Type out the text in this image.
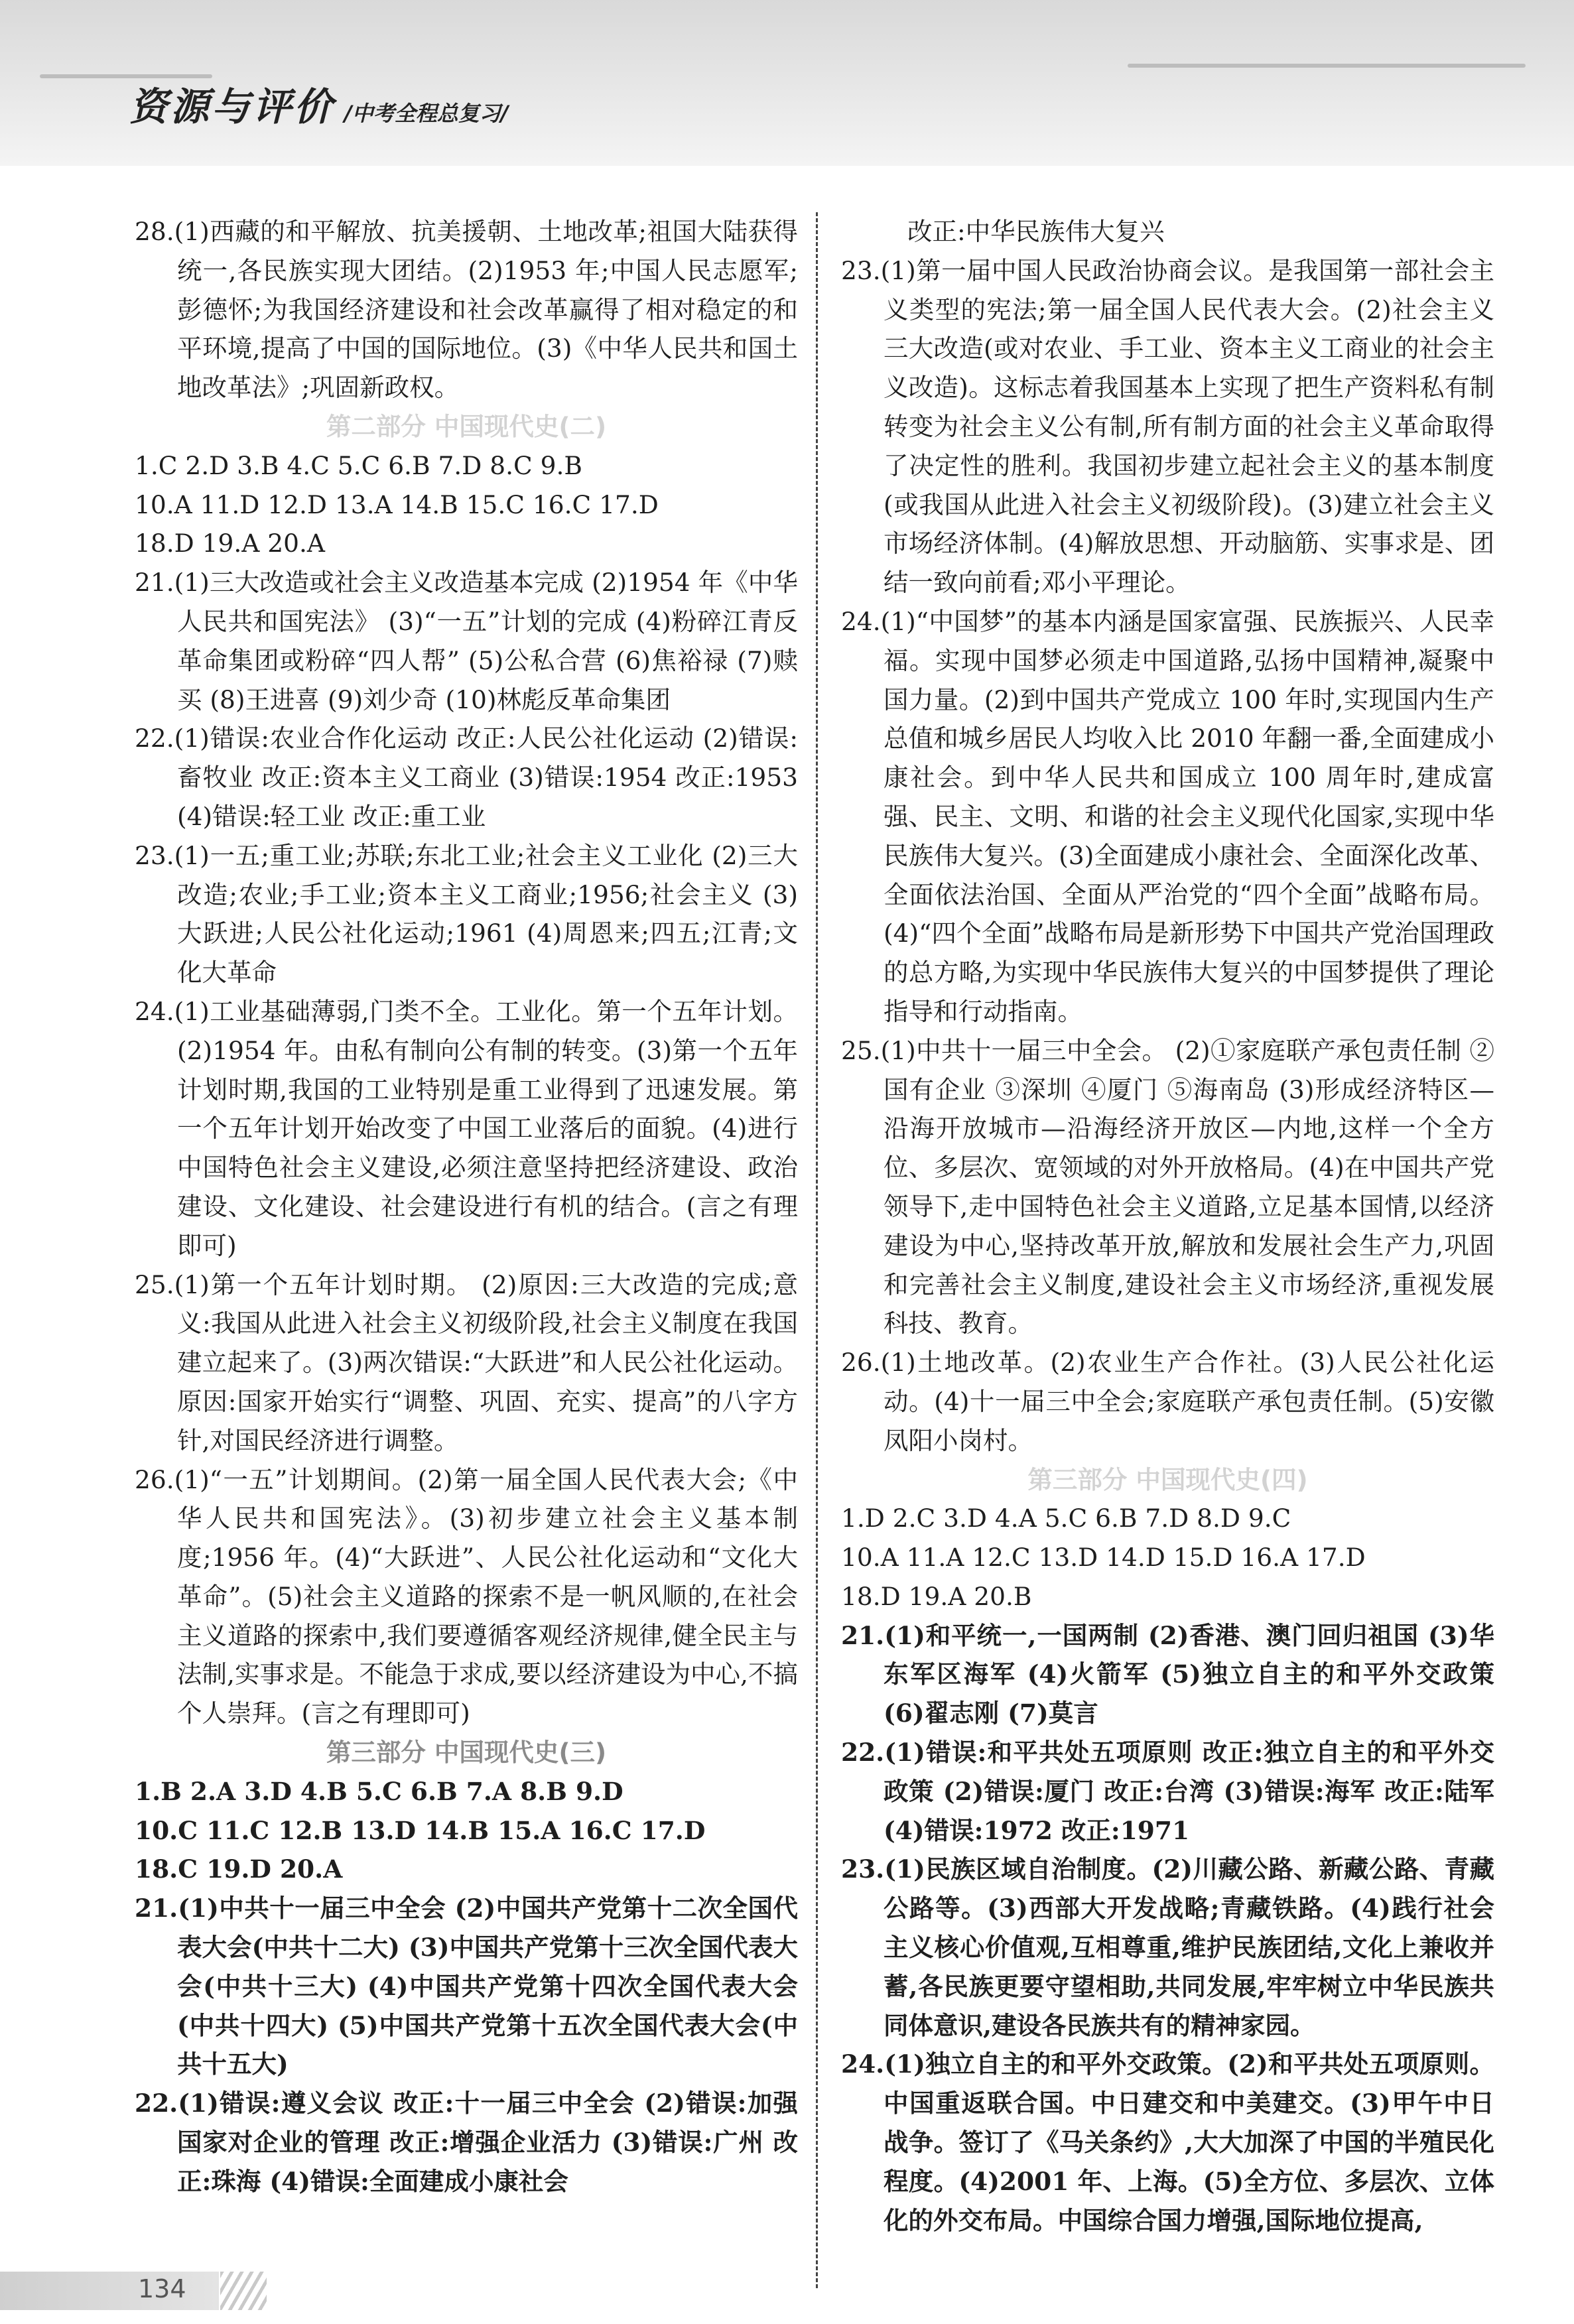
资源与评价 /中考全程总复习/

28.(1)西藏的和平解放、抗美援朝、土地改革;祖国大陆获得统一,各民族实现大团结。(2)1953 年;中国人民志愿军;彭德怀;为我国经济建设和社会改革赢得了相对稳定的和平环境,提高了中国的国际地位。(3)《中华人民共和国土地改革法》;巩固新政权。

第二部分 中国现代史(二)

1.C 2.D 3.B 4.C 5.C 6.B 7.D 8.C 9.B

10.A 11.D 12.D 13.A 14.B 15.C 16.C 17.D

18.D 19.A 20.A

21.(1)三大改造或社会主义改造基本完成 (2)1954 年《中华人民共和国宪法》 (3)“一五”计划的完成 (4)粉碎江青反革命集团或粉碎“四人帮” (5)公私合营 (6)焦裕禄 (7)赎买 (8)王进喜 (9)刘少奇 (10)林彪反革命集团

22.(1)错误:农业合作化运动 改正:人民公社化运动 (2)错误:畜牧业 改正:资本主义工商业 (3)错误:1954 改正:1953 (4)错误:轻工业 改正:重工业

23.(1)一五;重工业;苏联;东北工业;社会主义工业化 (2)三大改造;农业;手工业;资本主义工商业;1956;社会主义 (3)大跃进;人民公社化运动;1961 (4)周恩来;四五;江青;文化大革命

24.(1)工业基础薄弱,门类不全。工业化。第一个五年计划。(2)1954 年。由私有制向公有制的转变。(3)第一个五年计划时期,我国的工业特别是重工业得到了迅速发展。第一个五年计划开始改变了中国工业落后的面貌。(4)进行中国特色社会主义建设,必须注意坚持把经济建设、政治建设、文化建设、社会建设进行有机的结合。(言之有理即可)

25.(1)第一个五年计划时期。 (2)原因:三大改造的完成;意义:我国从此进入社会主义初级阶段,社会主义制度在我国建立起来了。(3)两次错误:“大跃进”和人民公社化运动。原因:国家开始实行“调整、巩固、充实、提高”的八字方针,对国民经济进行调整。

26.(1)“一五”计划期间。(2)第一届全国人民代表大会;《中华人民共和国宪法》。(3)初步建立社会主义基本制度;1956 年。(4)“大跃进”、人民公社化运动和“文化大革命”。(5)社会主义道路的探索不是一帆风顺的,在社会主义道路的探索中,我们要遵循客观经济规律,健全民主与法制,实事求是。不能急于求成,要以经济建设为中心,不搞个人崇拜。(言之有理即可)

第三部分 中国现代史(三)

1.B 2.A 3.D 4.B 5.C 6.B 7.A 8.B 9.D

10.C 11.C 12.B 13.D 14.B 15.A 16.C 17.D

18.C 19.D 20.A

21.(1)中共十一届三中全会 (2)中国共产党第十二次全国代表大会(中共十二大) (3)中国共产党第十三次全国代表大会(中共十三大) (4)中国共产党第十四次全国代表大会(中共十四大) (5)中国共产党第十五次全国代表大会(中共十五大)

22.(1)错误:遵义会议 改正:十一届三中全会 (2)错误:加强国家对企业的管理 改正:增强企业活力 (3)错误:广州 改正:珠海 (4)错误:全面建成小康社会

改正:中华民族伟大复兴

23.(1)第一届中国人民政治协商会议。是我国第一部社会主义类型的宪法;第一届全国人民代表大会。(2)社会主义三大改造(或对农业、手工业、资本主义工商业的社会主义改造)。这标志着我国基本上实现了把生产资料私有制转变为社会主义公有制,所有制方面的社会主义革命取得了决定性的胜利。我国初步建立起社会主义的基本制度(或我国从此进入社会主义初级阶段)。(3)建立社会主义市场经济体制。(4)解放思想、开动脑筋、实事求是、团结一致向前看;邓小平理论。

24.(1)“中国梦”的基本内涵是国家富强、民族振兴、人民幸福。实现中国梦必须走中国道路,弘扬中国精神,凝聚中国力量。(2)到中国共产党成立 100 年时,实现国内生产总值和城乡居民人均收入比 2010 年翻一番,全面建成小康社会。到中华人民共和国成立 100 周年时,建成富强、民主、文明、和谐的社会主义现代化国家,实现中华民族伟大复兴。(3)全面建成小康社会、全面深化改革、全面依法治国、全面从严治党的“四个全面”战略布局。(4)“四个全面”战略布局是新形势下中国共产党治国理政的总方略,为实现中华民族伟大复兴的中国梦提供了理论指导和行动指南。

25.(1)中共十一届三中全会。 (2)①家庭联产承包责任制 ②国有企业 ③深圳 ④厦门 ⑤海南岛 (3)形成经济特区—沿海开放城市—沿海经济开放区—内地,这样一个全方位、多层次、宽领域的对外开放格局。(4)在中国共产党领导下,走中国特色社会主义道路,立足基本国情,以经济建设为中心,坚持改革开放,解放和发展社会生产力,巩固和完善社会主义制度,建设社会主义市场经济,重视发展科技、教育。

26.(1)土地改革。(2)农业生产合作社。(3)人民公社化运动。(4)十一届三中全会;家庭联产承包责任制。(5)安徽凤阳小岗村。

第三部分 中国现代史(四)

1.D 2.C 3.D 4.A 5.C 6.B 7.D 8.D 9.C

10.A 11.A 12.C 13.D 14.D 15.D 16.A 17.D

18.D 19.A 20.B

21.(1)和平统一,一国两制 (2)香港、澳门回归祖国 (3)华东军区海军 (4)火箭军 (5)独立自主的和平外交政策 (6)翟志刚 (7)莫言

22.(1)错误:和平共处五项原则 改正:独立自主的和平外交政策 (2)错误:厦门 改正:台湾 (3)错误:海军 改正:陆军 (4)错误:1972 改正:1971

23.(1)民族区域自治制度。(2)川藏公路、新藏公路、青藏公路等。(3)西部大开发战略;青藏铁路。(4)践行社会主义核心价值观,互相尊重,维护民族团结,文化上兼收并蓄,各民族更要守望相助,共同发展,牢牢树立中华民族共同体意识,建设各民族共有的精神家园。

24.(1)独立自主的和平外交政策。(2)和平共处五项原则。中国重返联合国。中日建交和中美建交。(3)甲午中日战争。签订了《马关条约》,大大加深了中国的半殖民化程度。(4)2001 年、上海。(5)全方位、多层次、立体化的外交布局。中国综合国力增强,国际地位提高,

134
